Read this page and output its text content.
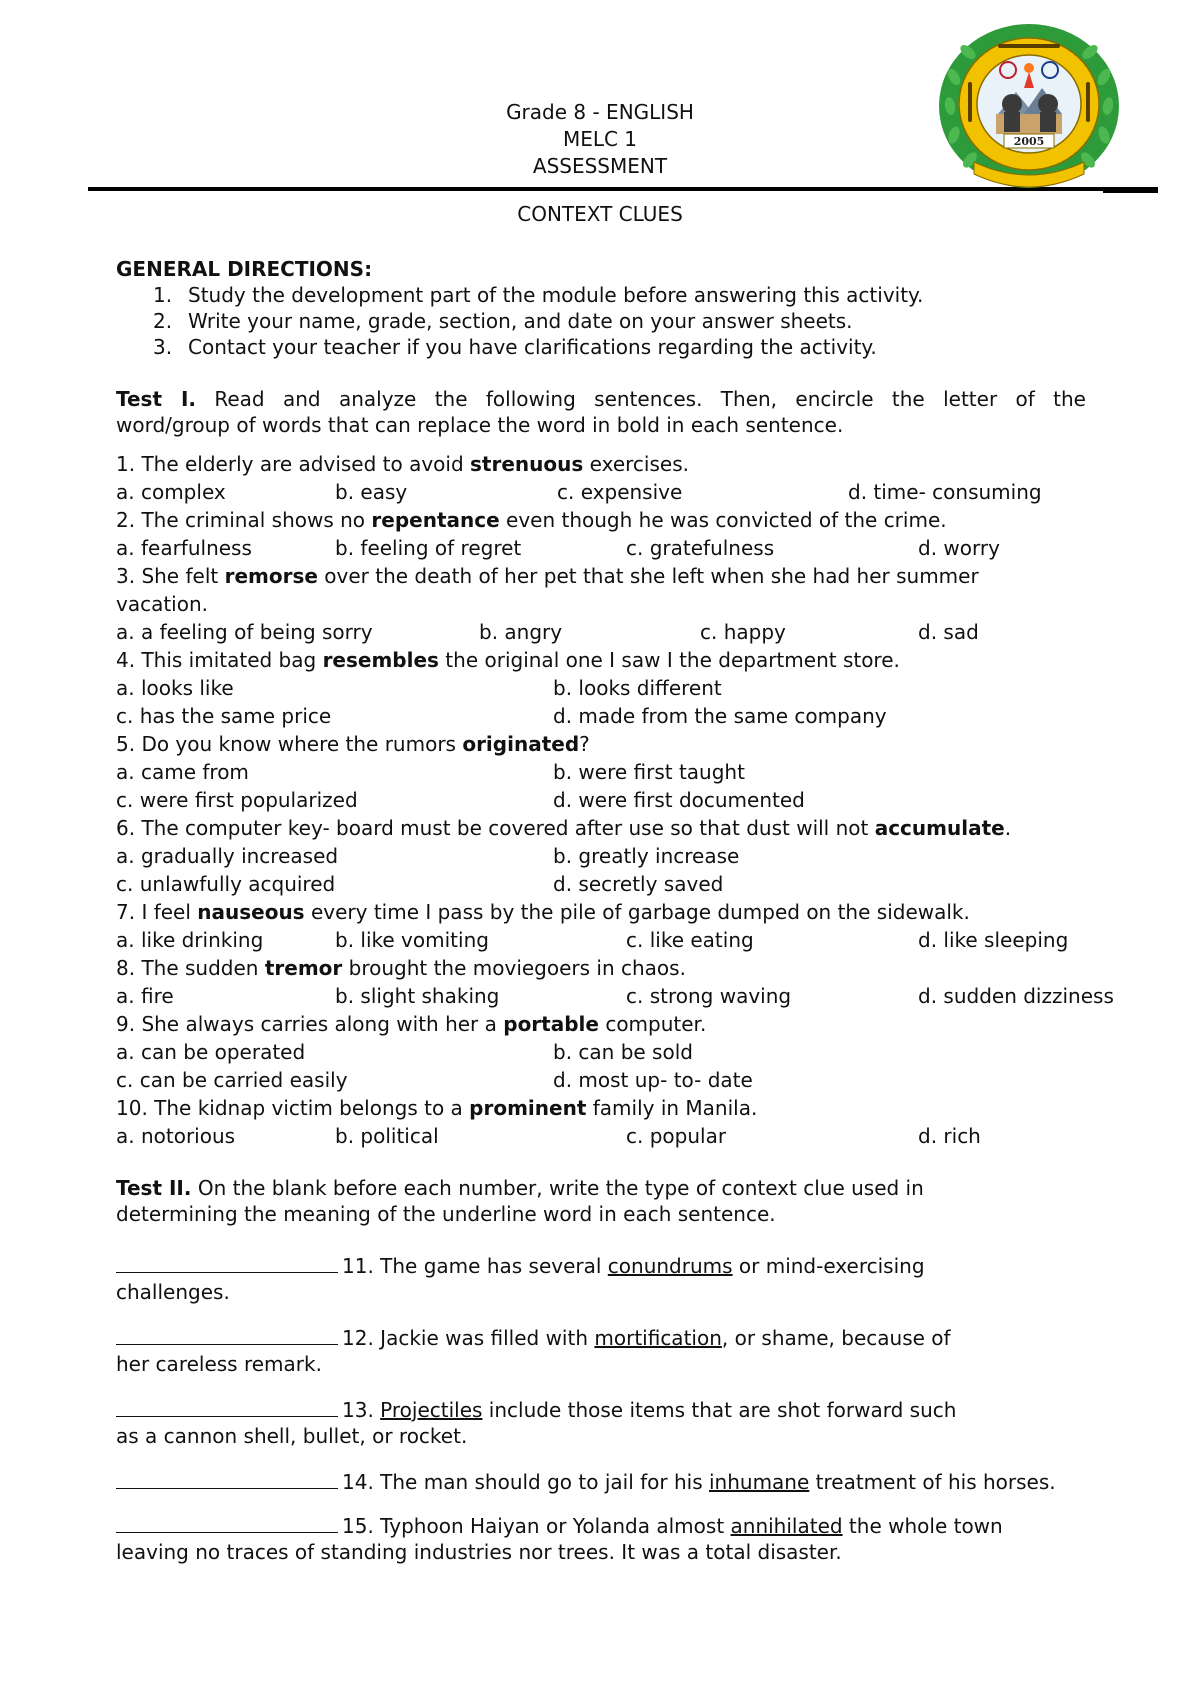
Grade 8 - ENGLISH
MELC 1
ASSESSMENT
2005
CONTEXT CLUES
GENERAL DIRECTIONS:
1. Study the development part of the module before answering this activity.
2. Write your name, grade, section, and date on your answer sheets.
3. Contact your teacher if you have clarifications regarding the activity.
Test I. Read and analyze the following sentences. Then, encircle the letter of the
word/group of words that can replace the word in bold in each sentence.
1. The elderly are advised to avoid strenuous exercises.
a. complex	b. easy	c. expensive	d. time- consuming
2. The criminal shows no repentance even though he was convicted of the crime.
a. fearfulness	b. feeling of regret	c. gratefulness	d. worry
3. She felt remorse over the death of her pet that she left when she had her summer
vacation.
a. a feeling of being sorry	b. angry	c. happy	d. sad
4. This imitated bag resembles the original one I saw I the department store.
a. looks like	b. looks different
c. has the same price	d. made from the same company
5. Do you know where the rumors originated?
a. came from	b. were first taught
c. were first popularized	d. were first documented
6. The computer key- board must be covered after use so that dust will not accumulate.
a. gradually increased	b. greatly increase
c. unlawfully acquired	d. secretly saved
7. I feel nauseous every time I pass by the pile of garbage dumped on the sidewalk.
a. like drinking	b. like vomiting	c. like eating	d. like sleeping
8. The sudden tremor brought the moviegoers in chaos.
a. fire	b. slight shaking	c. strong waving	d. sudden dizziness
9. She always carries along with her a portable computer.
a. can be operated	b. can be sold
c. can be carried easily	d. most up- to- date
10. The kidnap victim belongs to a prominent family in Manila.
a. notorious	b. political	c. popular	d. rich
Test II. On the blank before each number, write the type of context clue used in
determining the meaning of the underline word in each sentence.
11. The game has several conundrums or mind-exercising
challenges.
12. Jackie was filled with mortification, or shame, because of
her careless remark.
13. Projectiles include those items that are shot forward such
as a cannon shell, bullet, or rocket.
14. The man should go to jail for his inhumane treatment of his horses.
15. Typhoon Haiyan or Yolanda almost annihilated the whole town
leaving no traces of standing industries nor trees. It was a total disaster.
